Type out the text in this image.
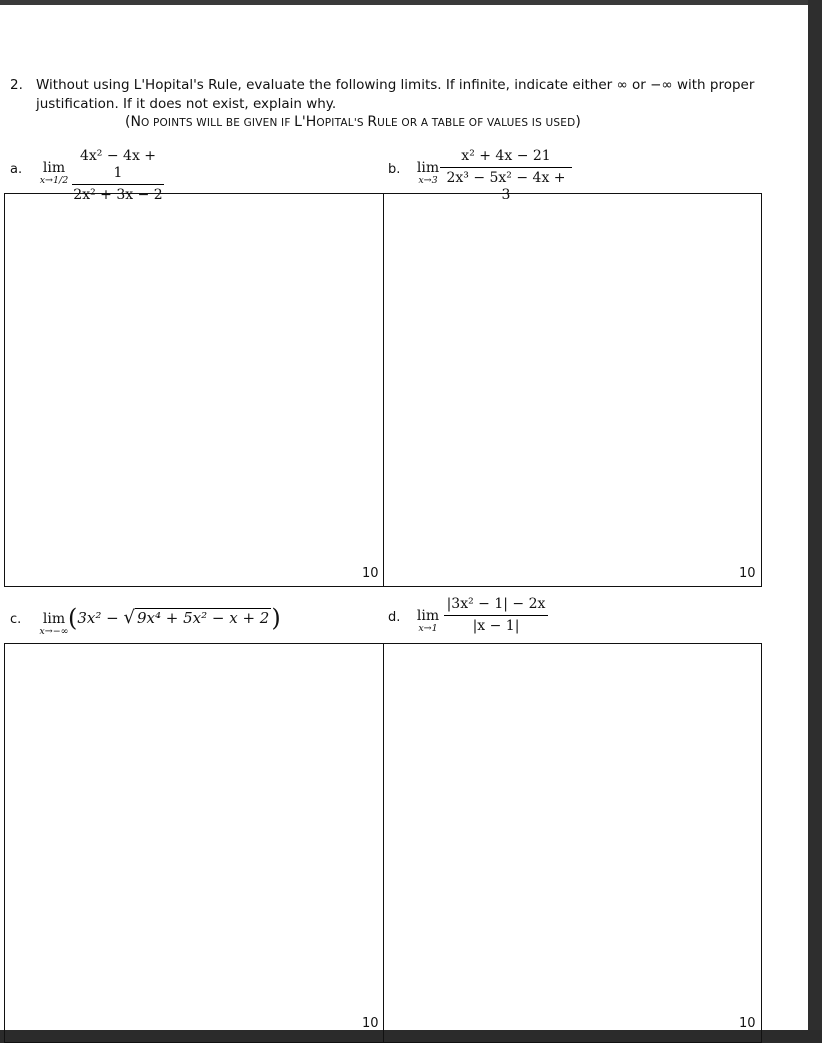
2. Without using L'Hopital's Rule, evaluate the following limits. If infinite, indicate either ∞ or −∞ with proper
justification. If it does not exist, explain why.
(NO POINTS WILL BE GIVEN IF L'HOPITAL'S RULE OR A TABLE OF VALUES IS USED)
a.	lim
$x\to 1/2 \frac{\text{4x² − 4x + 1}}{\text{2x² + 3x − 2}}$	b.	lim
$x\to 3 \frac{\text{x² + 4x − 21}}{\text{2x³ − 5x² − 4x + 3}}$
10	10
c.	lim
x→−∞ (3x² − √ 9x⁴ + 5x² − x + 2)	d.	lim
$x\to 1 \frac{\text{|3x² − 1| − 2x}}{|x - 1|}$
10	10
